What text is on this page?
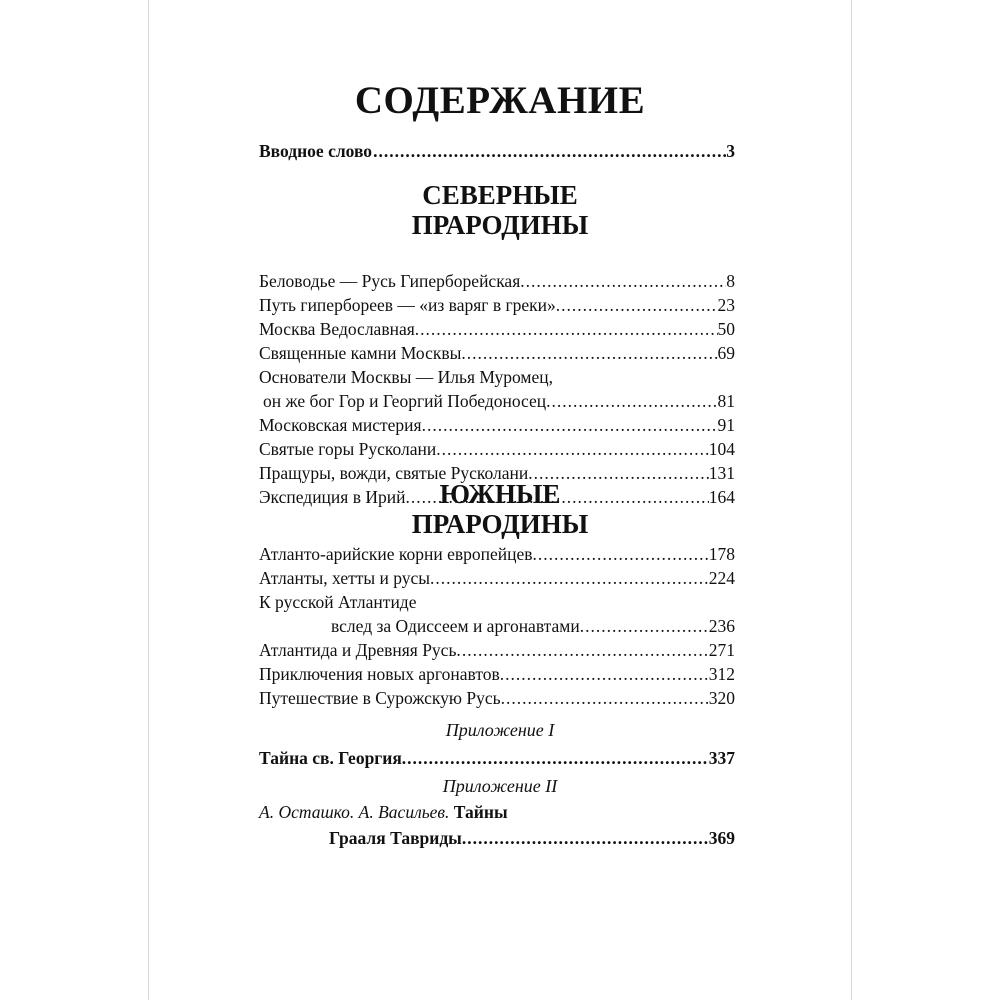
СОДЕРЖАНИЕ
Вводное слово .....	3
СЕВЕРНЫЕ
ПРАРОДИНЫ
Беловодье — Русь Гиперборейская. .....	8
Путь гипербореев — «из варяг в греки». .....	23
Москва Ведославная. .....	50
Священные камни Москвы. .....	69
Основатели Москвы — Илья Муромец,
он же бог Гор и Георгий Победоносец. .....	81
Московская мистерия. .....	91
Святые горы Русколани. .....	104
Пращуры, вожди, святые Русколани. .....	131
Экспедиция в Ирий. .....	164
ЮЖНЫЕ
ПРАРОДИНЫ
Атланто-арийские корни европейцев. .....	178
Атланты, хетты и русы. .....	224
К русской Атлантиде
вслед за Одиссеем и аргонавтами. .....	236
Атлантида и Древняя Русь. .....	271
Приключения новых аргонавтов. .....	312
Путешествие в Сурожскую Русь. .....	320
Приложение I
Тайна св. Георгия. .....	337
Приложение II
А. Осташко. А. Васильев. Тайны
Грааля Тавриды. .....	369
